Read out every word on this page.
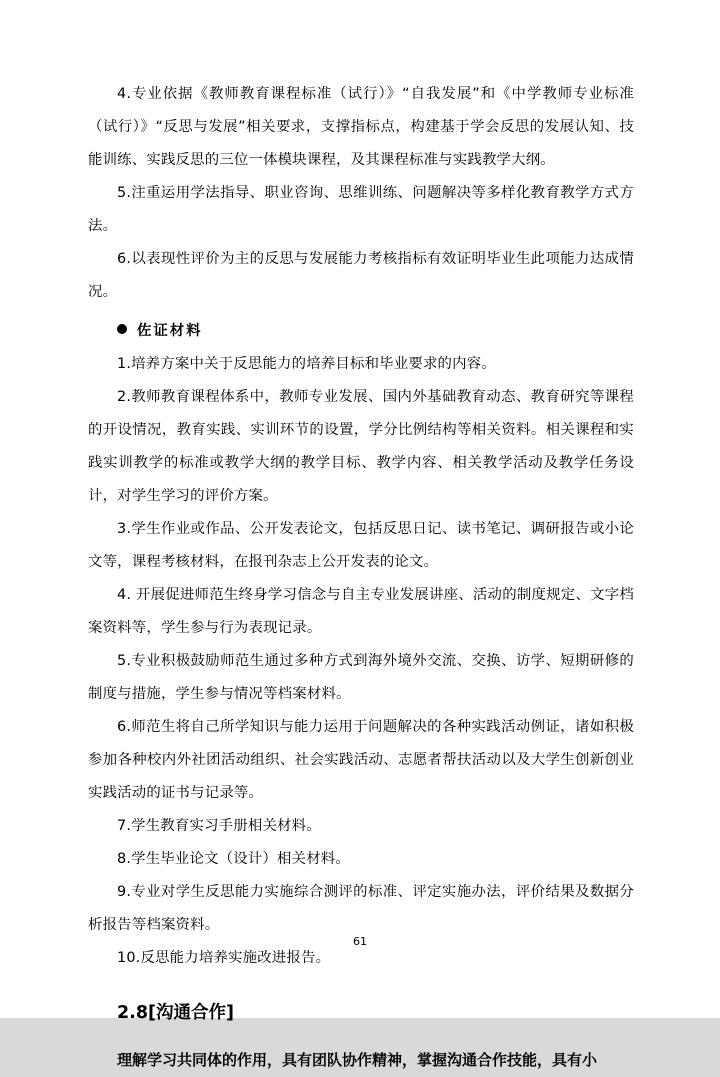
4.专业依据《教师教育课程标准（试行）》“自我发展”和《中学教师专业标准（试行）》“反思与发展”相关要求，支撑指标点，构建基于学会反思的发展认知、技能训练、实践反思的三位一体模块课程，及其课程标准与实践教学大纲。

5.注重运用学法指导、职业咨询、思维训练、问题解决等多样化教育教学方式方法。

6.以表现性评价为主的反思与发展能力考核指标有效证明毕业生此项能力达成情况。

佐证材料

1.培养方案中关于反思能力的培养目标和毕业要求的内容。

2.教师教育课程体系中，教师专业发展、国内外基础教育动态、教育研究等课程的开设情况，教育实践、实训环节的设置，学分比例结构等相关资料。相关课程和实践实训教学的标准或教学大纲的教学目标、教学内容、相关教学活动及教学任务设计，对学生学习的评价方案。

3.学生作业或作品、公开发表论文，包括反思日记、读书笔记、调研报告或小论文等，课程考核材料，在报刊杂志上公开发表的论文。

4. 开展促进师范生终身学习信念与自主专业发展讲座、活动的制度规定、文字档案资料等，学生参与行为表现记录。

5.专业积极鼓励师范生通过多种方式到海外境外交流、交换、访学、短期研修的制度与措施，学生参与情况等档案材料。

6.师范生将自己所学知识与能力运用于问题解决的各种实践活动例证，诸如积极参加各种校内外社团活动组织、社会实践活动、志愿者帮扶活动以及大学生创新创业实践活动的证书与记录等。

7.学生教育实习手册相关材料。

8.学生毕业论文（设计）相关材料。

9.专业对学生反思能力实施综合测评的标准、评定实施办法，评价结果及数据分析报告等档案资料。

10.反思能力培养实施改进报告。

2.8[沟通合作]

理解学习共同体的作用，具有团队协作精神，掌握沟通合作技能，具有小

61
